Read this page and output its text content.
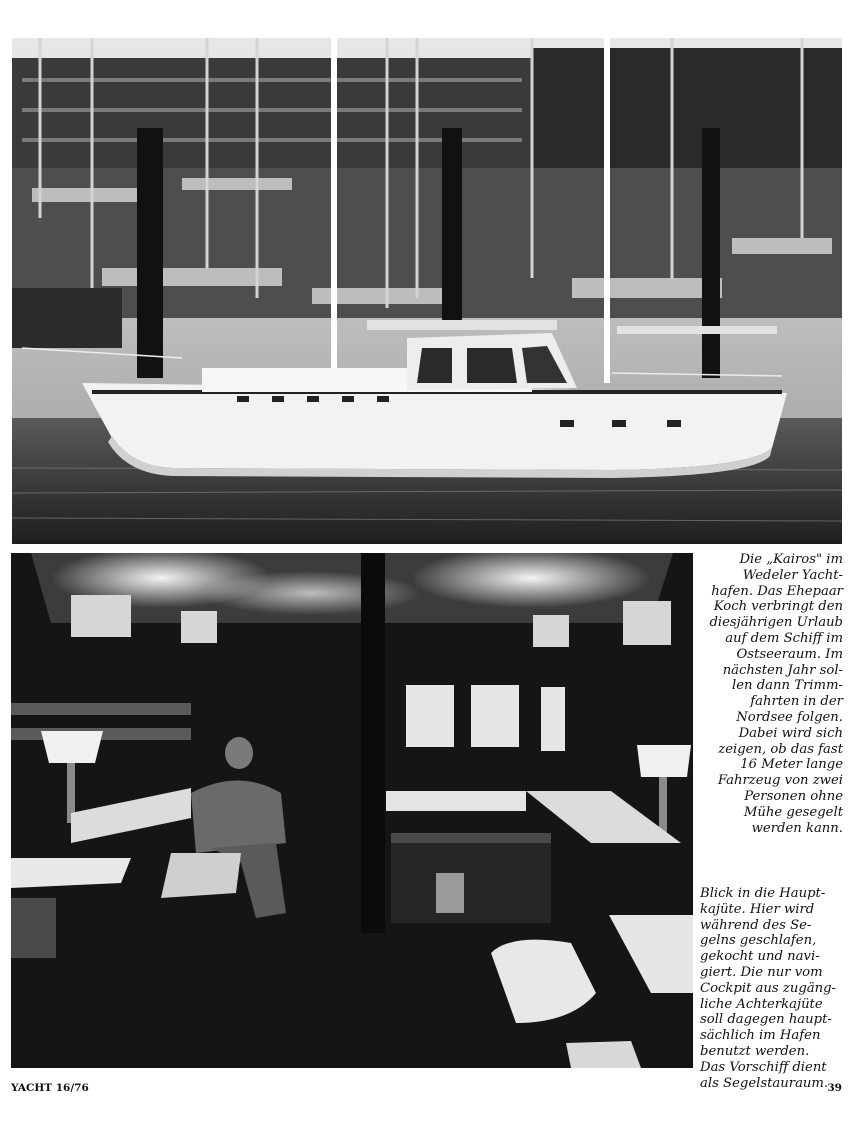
Die „Kairos" im
Wedeler Yacht-
hafen. Das Ehepaar
Koch verbringt den
diesjährigen Urlaub
auf dem Schiff im
Ostseeraum. Im
nächsten Jahr sol-
len dann Trimm-
fahrten in der
Nordsee folgen.
Dabei wird sich
zeigen, ob das fast
16 Meter lange
Fahrzeug von zwei
Personen ohne
Mühe gesegelt
werden kann.

Blick in die Haupt-
kajüte. Hier wird
während des Se-
gelns geschlafen,
gekocht und navi-
giert. Die nur vom
Cockpit aus zugäng-
liche Achterkajüte
soll dagegen haupt-
sächlich im Hafen
benutzt werden.
Das Vorschiff dient
als Segelstauraum.

YACHT 16/76	39
